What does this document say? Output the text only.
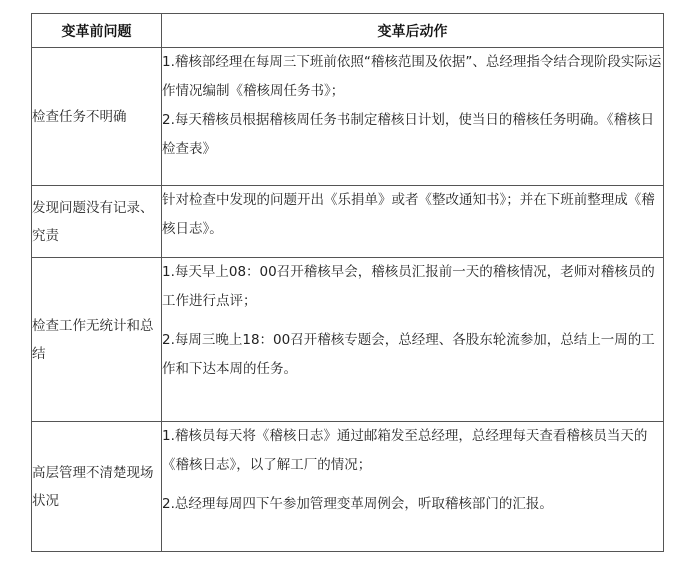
变革前问题	变革后动作
检查任务不明确	1.稽核部经理在每周三下班前依照“稽核范围及依据”、总经理指令结合现阶段实际运作情况编制《稽核周任务书》；

2.每天稽核员根据稽核周任务书制定稽核日计划，使当日的稽核任务明确。《稽核日检查表》

发现问题没有记录、究责	针对检查中发现的问题开出《乐捐单》或者《整改通知书》；并在下班前整理成《稽核日志》。

检查工作无统计和总结	1.每天早上08：00召开稽核早会，稽核员汇报前一天的稽核情况，老师对稽核员的工作进行点评；

2.每周三晚上18：00召开稽核专题会，总经理、各股东轮流参加，总结上一周的工作和下达本周的任务。

高层管理不清楚现场状况	1.稽核员每天将《稽核日志》通过邮箱发至总经理，总经理每天查看稽核员当天的《稽核日志》，以了解工厂的情况；

2.总经理每周四下午参加管理变革周例会，听取稽核部门的汇报。
